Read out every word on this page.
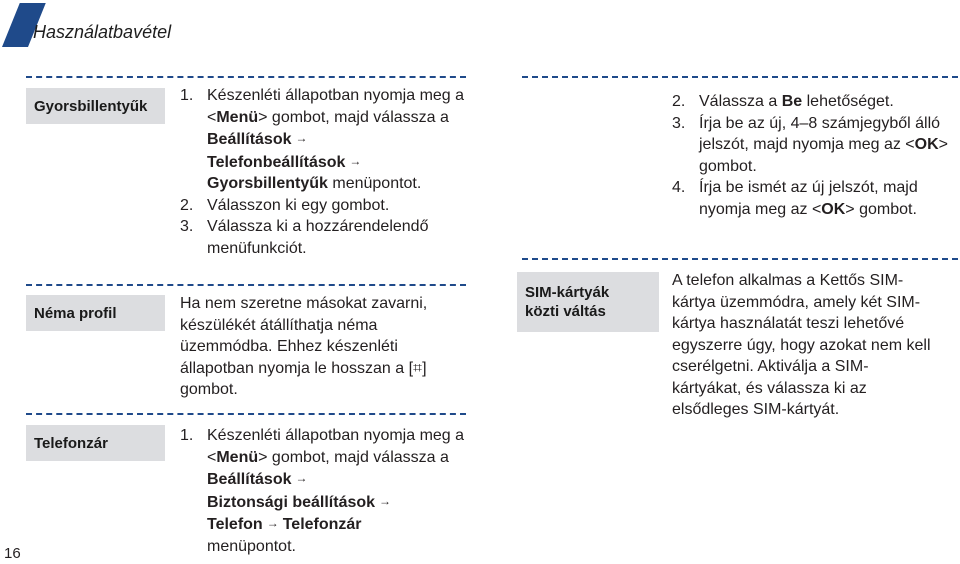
Használatbavétel
Gyorsbillentyűk
1. Készenléti állapotban nyomja meg a <Menü> gombot, majd válassza a Beállítások →
Telefonbeállítások →
Gyorsbillentyűk menüpontot.
2. Válasszon ki egy gombot.
3. Válassza ki a hozzárendelendő menüfunkciót.
Néma profil

Ha nem szeretne másokat zavarni, készülékét átállíthatja néma üzemmódba. Ehhez készenléti állapotban nyomja le hosszan a [⌗] gombot.

Telefonzár	1. Készenléti állapotban nyomja meg a <Menü> gombot, majd válassza a Beállítások →
Biztonsági beállítások →
Telefon → Telefonzár
menüpontot.
16
2. Válassza a Be lehetőséget.
3. Írja be az új, 4–8 számjegyből álló jelszót, majd nyomja meg az <OK> gombot.
4. Írja be ismét az új jelszót, majd nyomja meg az <OK> gombot.
SIM-kártyák
közti váltás

A telefon alkalmas a Kettős SIM-kártya üzemmódra, amely két SIM-kártya használatát teszi lehetővé egyszerre úgy, hogy azokat nem kell cserélgetni. Aktiválja a SIM-kártyákat, és válassza ki az elsődleges SIM-kártyát.
